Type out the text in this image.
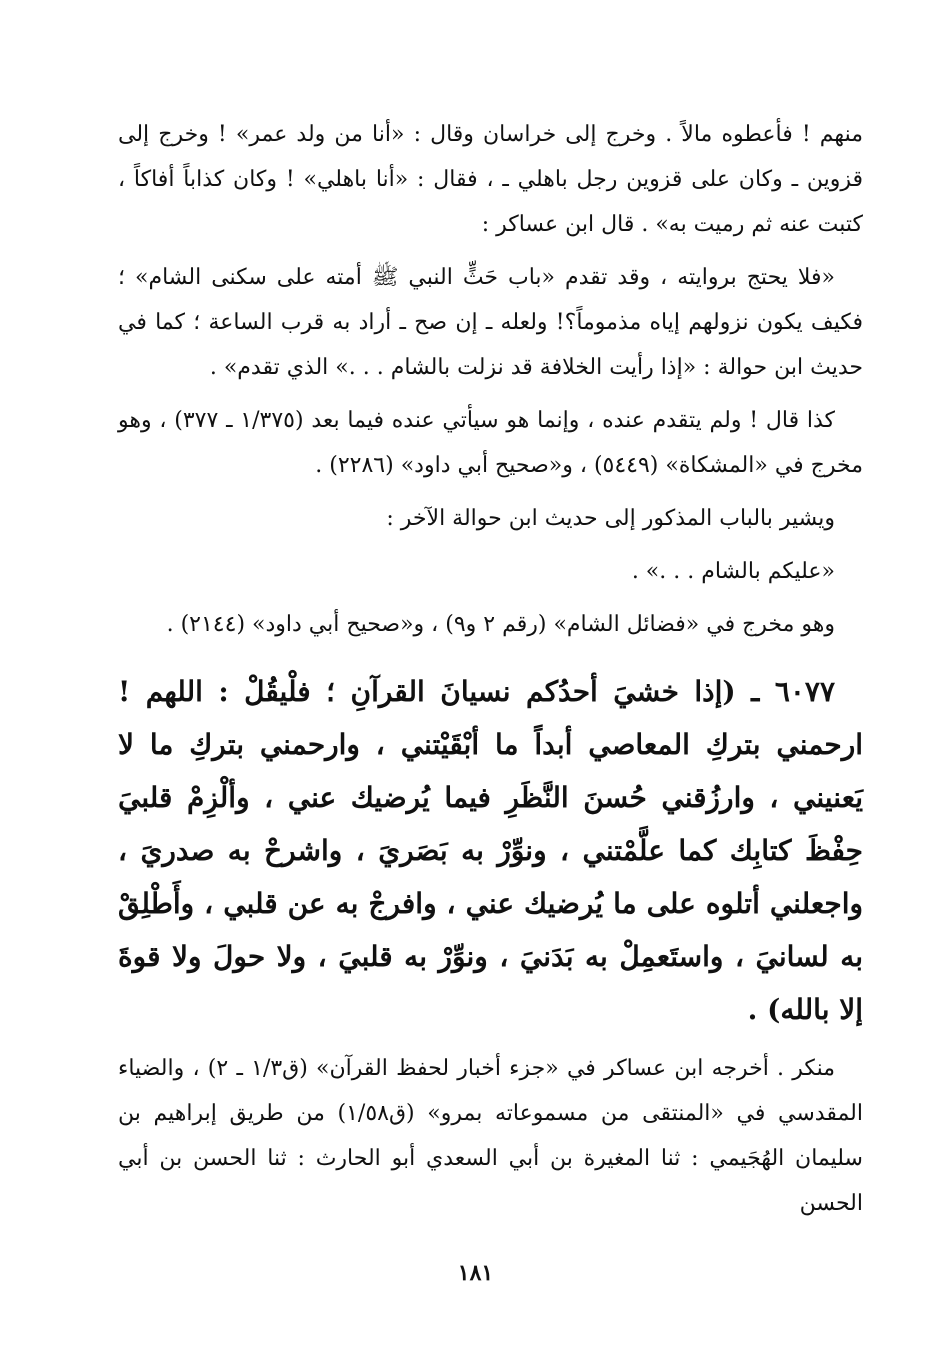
منهم ! فأعطوه مالاً . وخرج إلى خراسان وقال : «أنا من ولد عمر» ! وخرج إلى قزوين ـ وكان على قزوين رجل باهلي ـ ، فقال : «أنا باهلي» ! وكان كذاباً أفاكاً ، كتبت عنه ثم رميت به» . قال ابن عساكر :

«فلا يحتج بروايته ، وقد تقدم «باب حَثٍّ النبي ﷺ أمته على سكنى الشام» ؛ فكيف يكون نزولهم إياه مذموماً؟! ولعله ـ إن صح ـ أراد به قرب الساعة ؛ كما في حديث ابن حوالة : «إذا رأيت الخلافة قد نزلت بالشام . . .» الذي تقدم» .

كذا قال ! ولم يتقدم عنده ، وإنما هو سيأتي عنده فيما بعد (١/٣٧٥ ـ ٣٧٧) ، وهو مخرج في «المشكاة» (٥٤٤٩) ، و«صحيح أبي داود» (٢٢٨٦) .

ويشير بالباب المذكور إلى حديث ابن حوالة الآخر :

«عليكم بالشام . . .» .

وهو مخرج في «فضائل الشام» (رقم ٢ و٩) ، و«صحيح أبي داود» (٢١٤٤) .

٦٠٧٧ ـ (إذا خشيَ أحدُكم نسيانَ القرآنِ ؛ فلْيقُلْ : اللهم ! ارحمني بتركِ المعاصي أبداً ما أبْقَيْتني ، وارحمني بتركِ ما لا يَعنيني ، وارزُقني حُسنَ النَّظَرِ فيما يُرضيك عني ، وألْزِمْ قلبيَ حِفْظَ كتابِك كما علَّمْتني ، ونوِّرْ به بَصَريَ ، واشرحْ به صدريَ ، واجعلني أتلوه على ما يُرضيك عني ، وافرجْ به عن قلبي ، وأَطْلِقْ به لسانيَ ، واستَعمِلْ به بَدَنيَ ، ونوِّرْ به قلبيَ ، ولا حولَ ولا قوةَ إلا بالله) .

منكر . أخرجه ابن عساكر في «جزء أخبار لحفظ القرآن» (ق١/٣ ـ ٢) ، والضياء المقدسي في «المنتقى من مسموعاته بمرو» (ق١/٥٨) من طريق إبراهيم بن سليمان الهُجَيمي : ثنا المغيرة بن أبي السعدي أبو الحارث : ثنا الحسن بن أبي الحسن

١٨١
